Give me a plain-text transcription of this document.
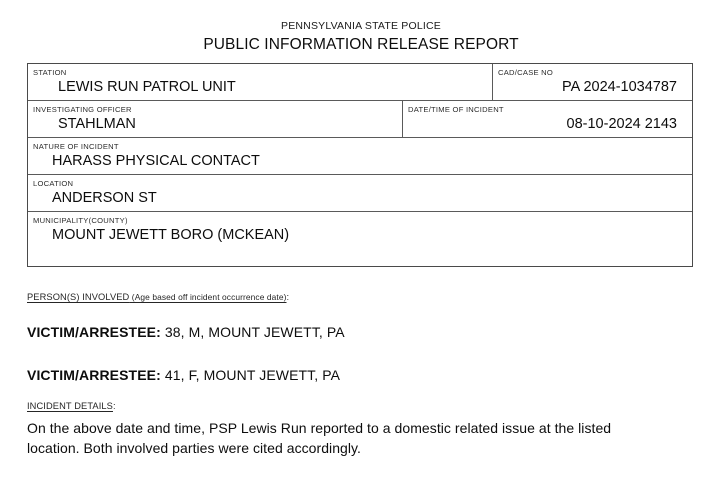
PENNSYLVANIA STATE POLICE
PUBLIC INFORMATION RELEASE REPORT
STATION
LEWIS RUN PATROL UNIT
CAD/CASE NO
PA 2024-1034787
INVESTIGATING OFFICER
STAHLMAN
DATE/TIME OF INCIDENT
08-10-2024 2143
NATURE OF INCIDENT
HARASS PHYSICAL CONTACT
LOCATION
ANDERSON ST
MUNICIPALITY(COUNTY)
MOUNT JEWETT BORO (MCKEAN)
PERSON(S) INVOLVED (Age based off incident occurrence date):
VICTIM/ARRESTEE: 38, M, MOUNT JEWETT, PA
VICTIM/ARRESTEE: 41, F, MOUNT JEWETT, PA
INCIDENT DETAILS:
On the above date and time, PSP Lewis Run reported to a domestic related issue at the listed location. Both involved parties were cited accordingly.
